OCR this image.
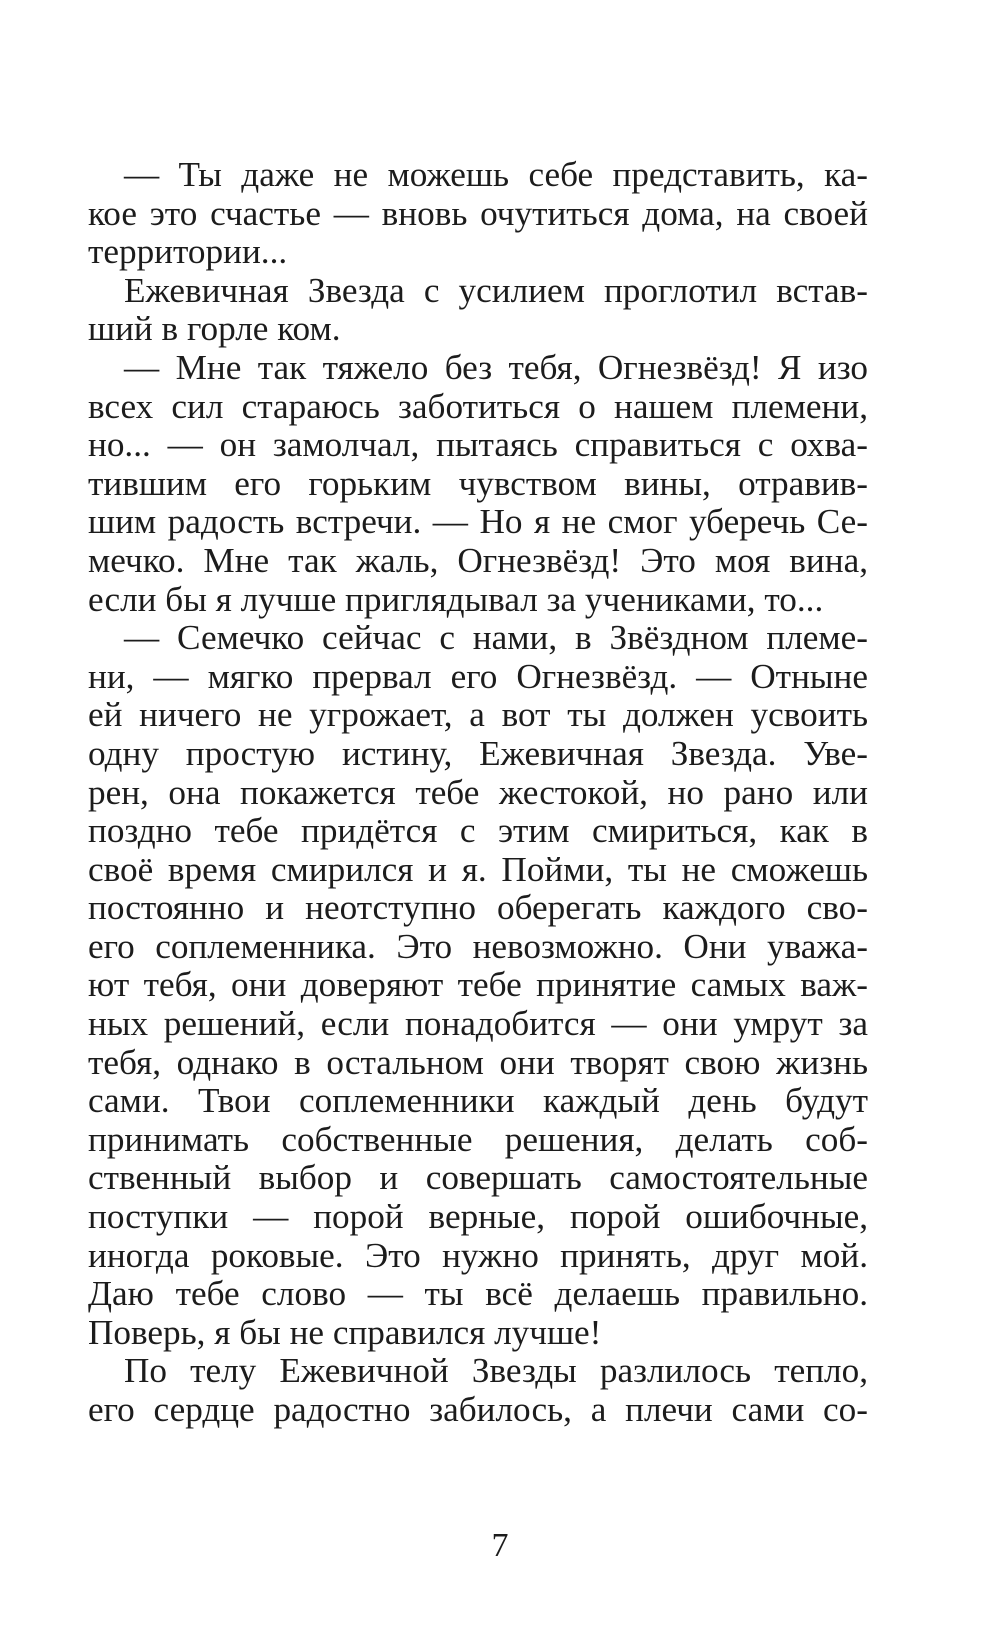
— Ты даже не можешь себе представить, ка-
кое это счастье — вновь очутиться дома, на своей
территории...
Ежевичная Звезда с усилием проглотил встав-
ший в горле ком.
— Мне так тяжело без тебя, Огнезвёзд! Я изо
всех сил стараюсь заботиться о нашем племени,
но... — он замолчал, пытаясь справиться с охва-
тившим его горьким чувством вины, отравив-
шим радость встречи. — Но я не смог уберечь Се-
мечко. Мне так жаль, Огнезвёзд! Это моя вина,
если бы я лучше приглядывал за учениками, то...
— Семечко сейчас с нами, в Звёздном племе-
ни, — мягко прервал его Огнезвёзд. — Отныне
ей ничего не угрожает, а вот ты должен усвоить
одну простую истину, Ежевичная Звезда. Уве-
рен, она покажется тебе жестокой, но рано или
поздно тебе придётся с этим смириться, как в
своё время смирился и я. Пойми, ты не сможешь
постоянно и неотступно оберегать каждого сво-
его соплеменника. Это невозможно. Они уважа-
ют тебя, они доверяют тебе принятие самых важ-
ных решений, если понадобится — они умрут за
тебя, однако в остальном они творят свою жизнь
сами. Твои соплеменники каждый день будут
принимать собственные решения, делать соб-
ственный выбор и совершать самостоятельные
поступки — порой верные, порой ошибочные,
иногда роковые. Это нужно принять, друг мой.
Даю тебе слово — ты всё делаешь правильно.
Поверь, я бы не справился лучше!
По телу Ежевичной Звезды разлилось тепло,
его сердце радостно забилось, а плечи сами со-
7
